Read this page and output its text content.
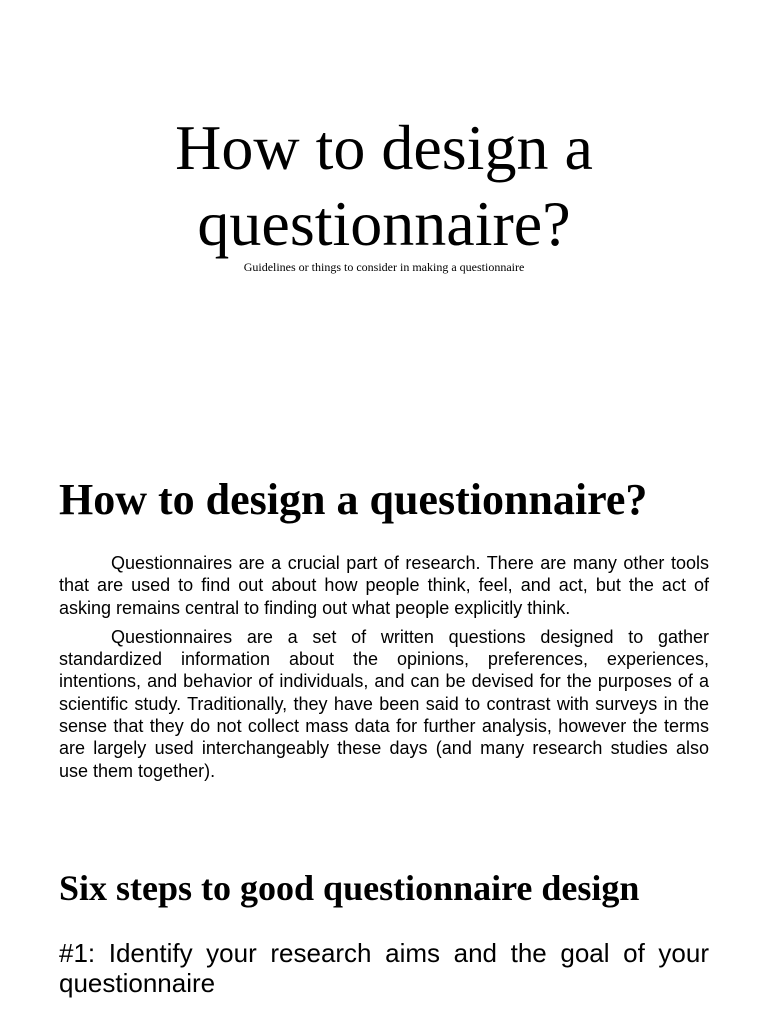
How to design a questionnaire?

Guidelines or things to consider in making a questionnaire

How to design a questionnaire?

Questionnaires are a crucial part of research. There are many other tools that are used to find out about how people think, feel, and act, but the act of asking remains central to finding out what people explicitly think.

Questionnaires are a set of written questions designed to gather standardized information about the opinions, preferences, experiences, intentions, and behavior of individuals, and can be devised for the purposes of a scientific study. Traditionally, they have been said to contrast with surveys in the sense that they do not collect mass data for further analysis, however the terms are largely used interchangeably these days (and many research studies also use them together).

Six steps to good questionnaire design

#1: Identify your research aims and the goal of your questionnaire
